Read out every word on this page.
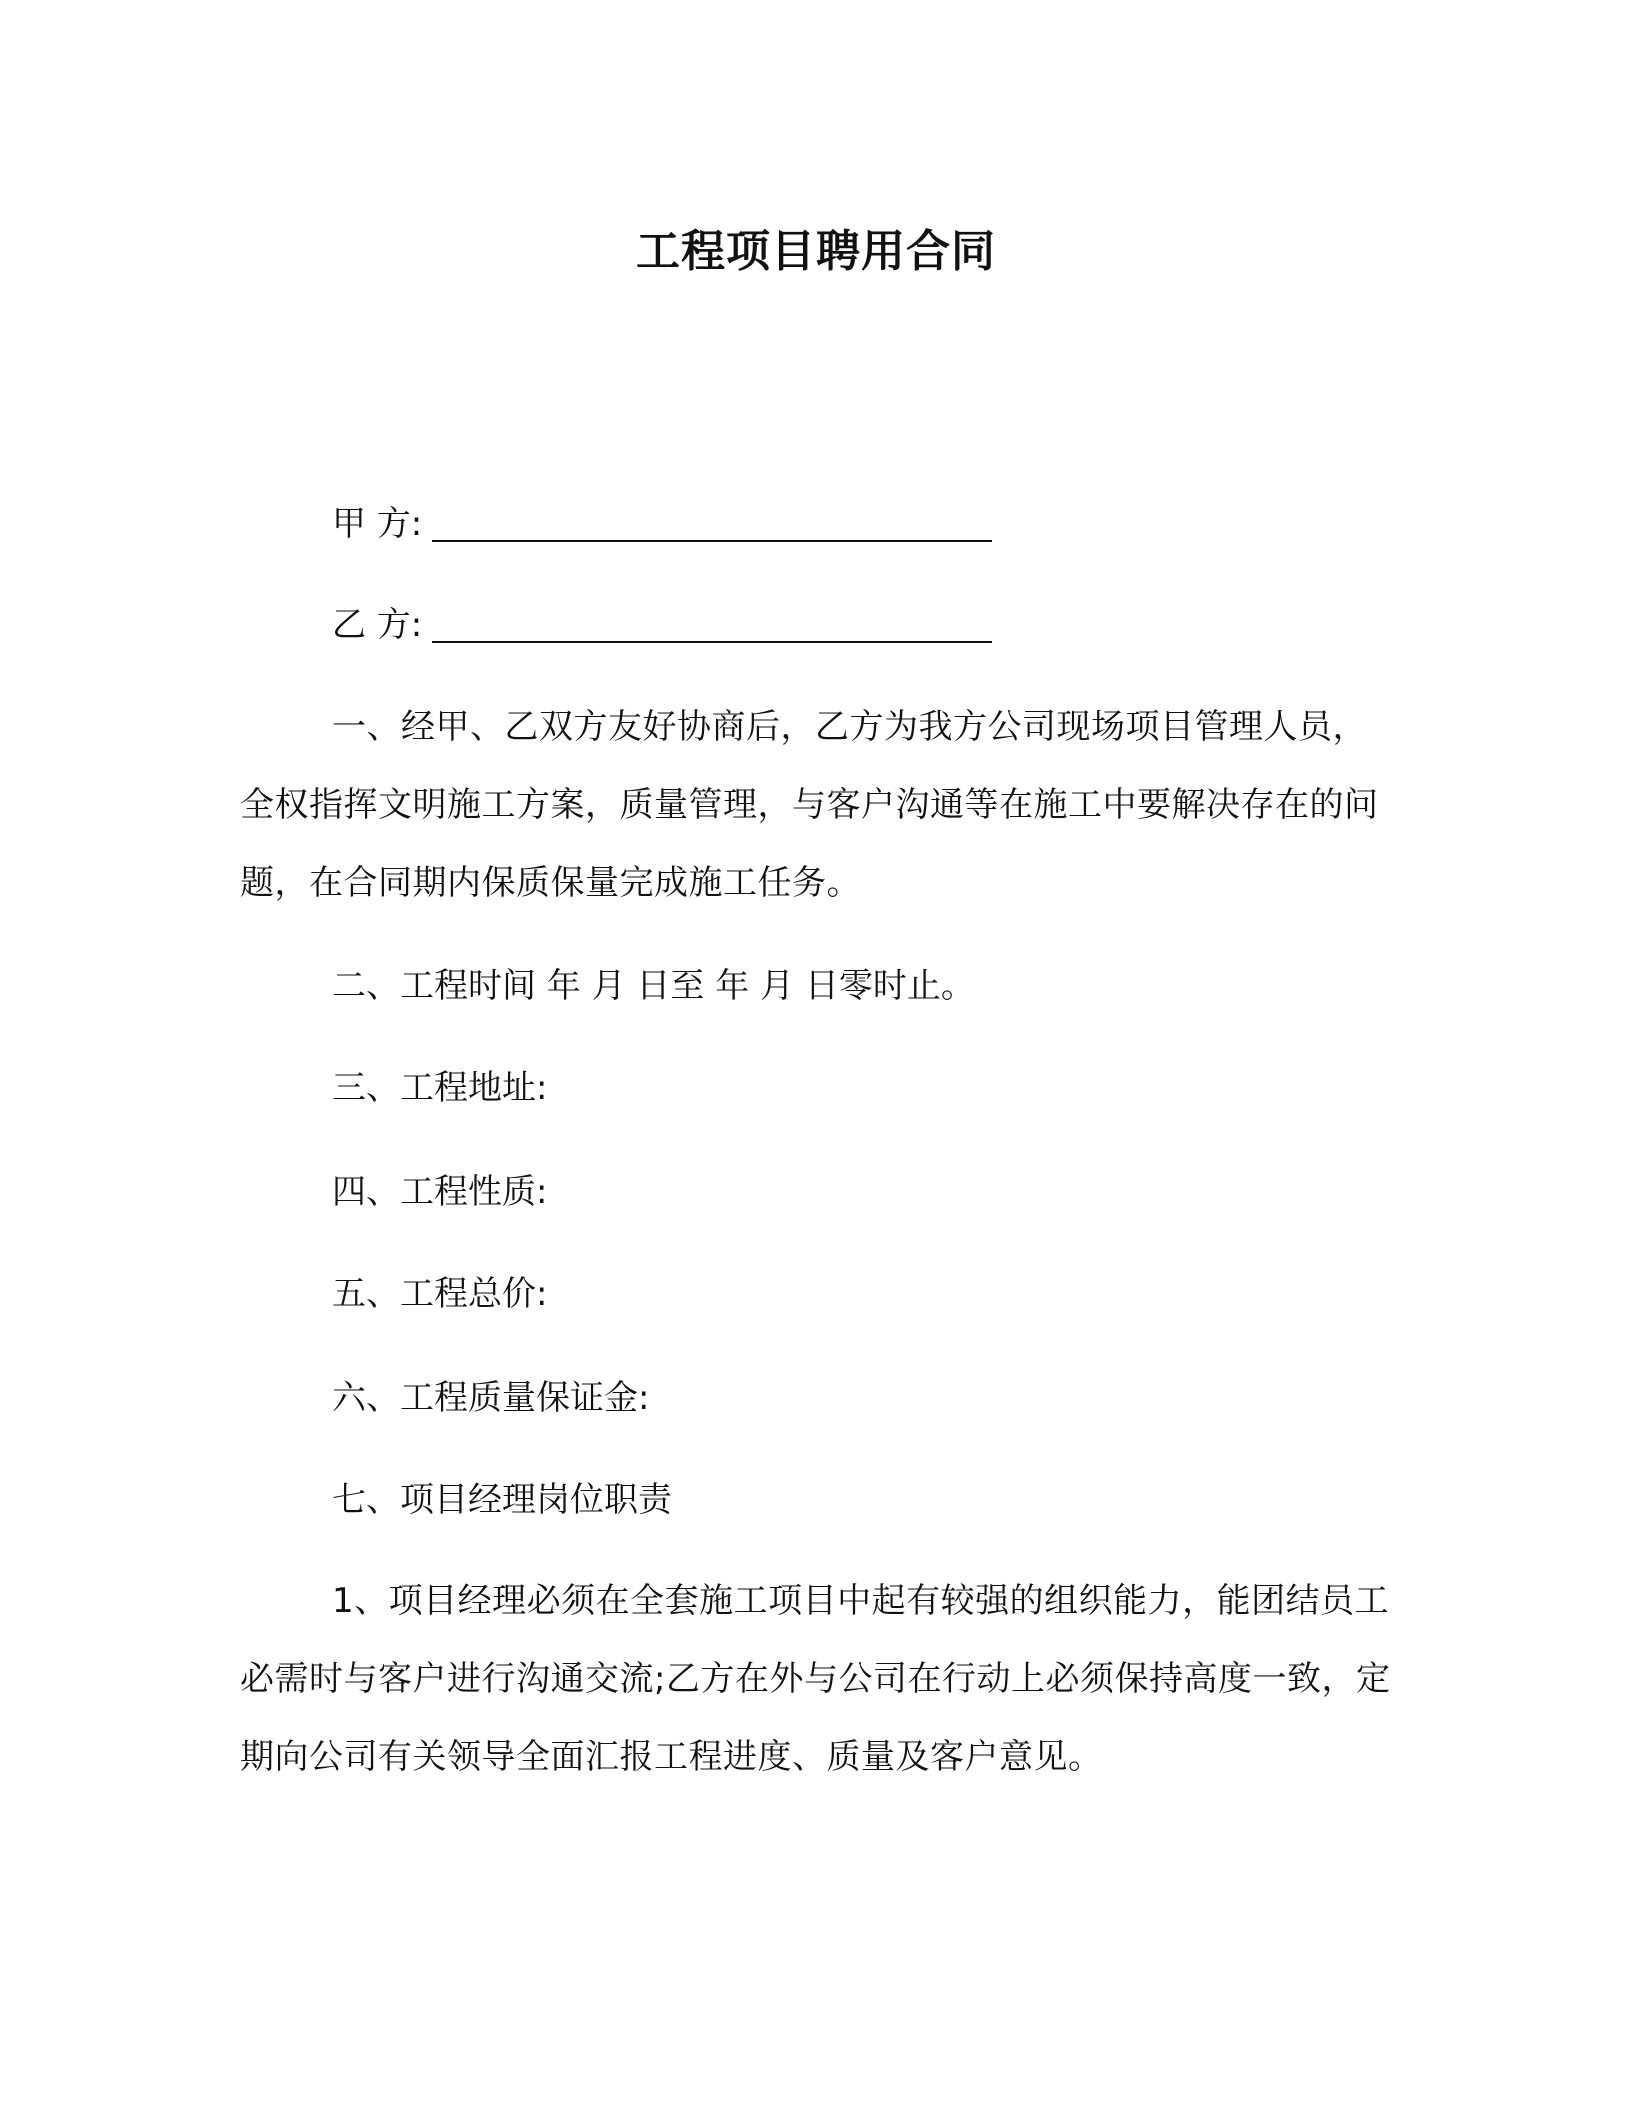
工程项目聘用合同
甲 方:
乙 方:
一、经甲、乙双方友好协商后，乙方为我方公司现场项目管理人员，全权指挥文明施工方案，质量管理，与客户沟通等在施工中要解决存在的问题，在合同期内保质保量完成施工任务。
二、工程时间 年 月 日至 年 月 日零时止。
三、工程地址:
四、工程性质:
五、工程总价:
六、工程质量保证金:
七、项目经理岗位职责
1、项目经理必须在全套施工项目中起有较强的组织能力，能团结员工必需时与客户进行沟通交流;乙方在外与公司在行动上必须保持高度一致，定期向公司有关领导全面汇报工程进度、质量及客户意见。
